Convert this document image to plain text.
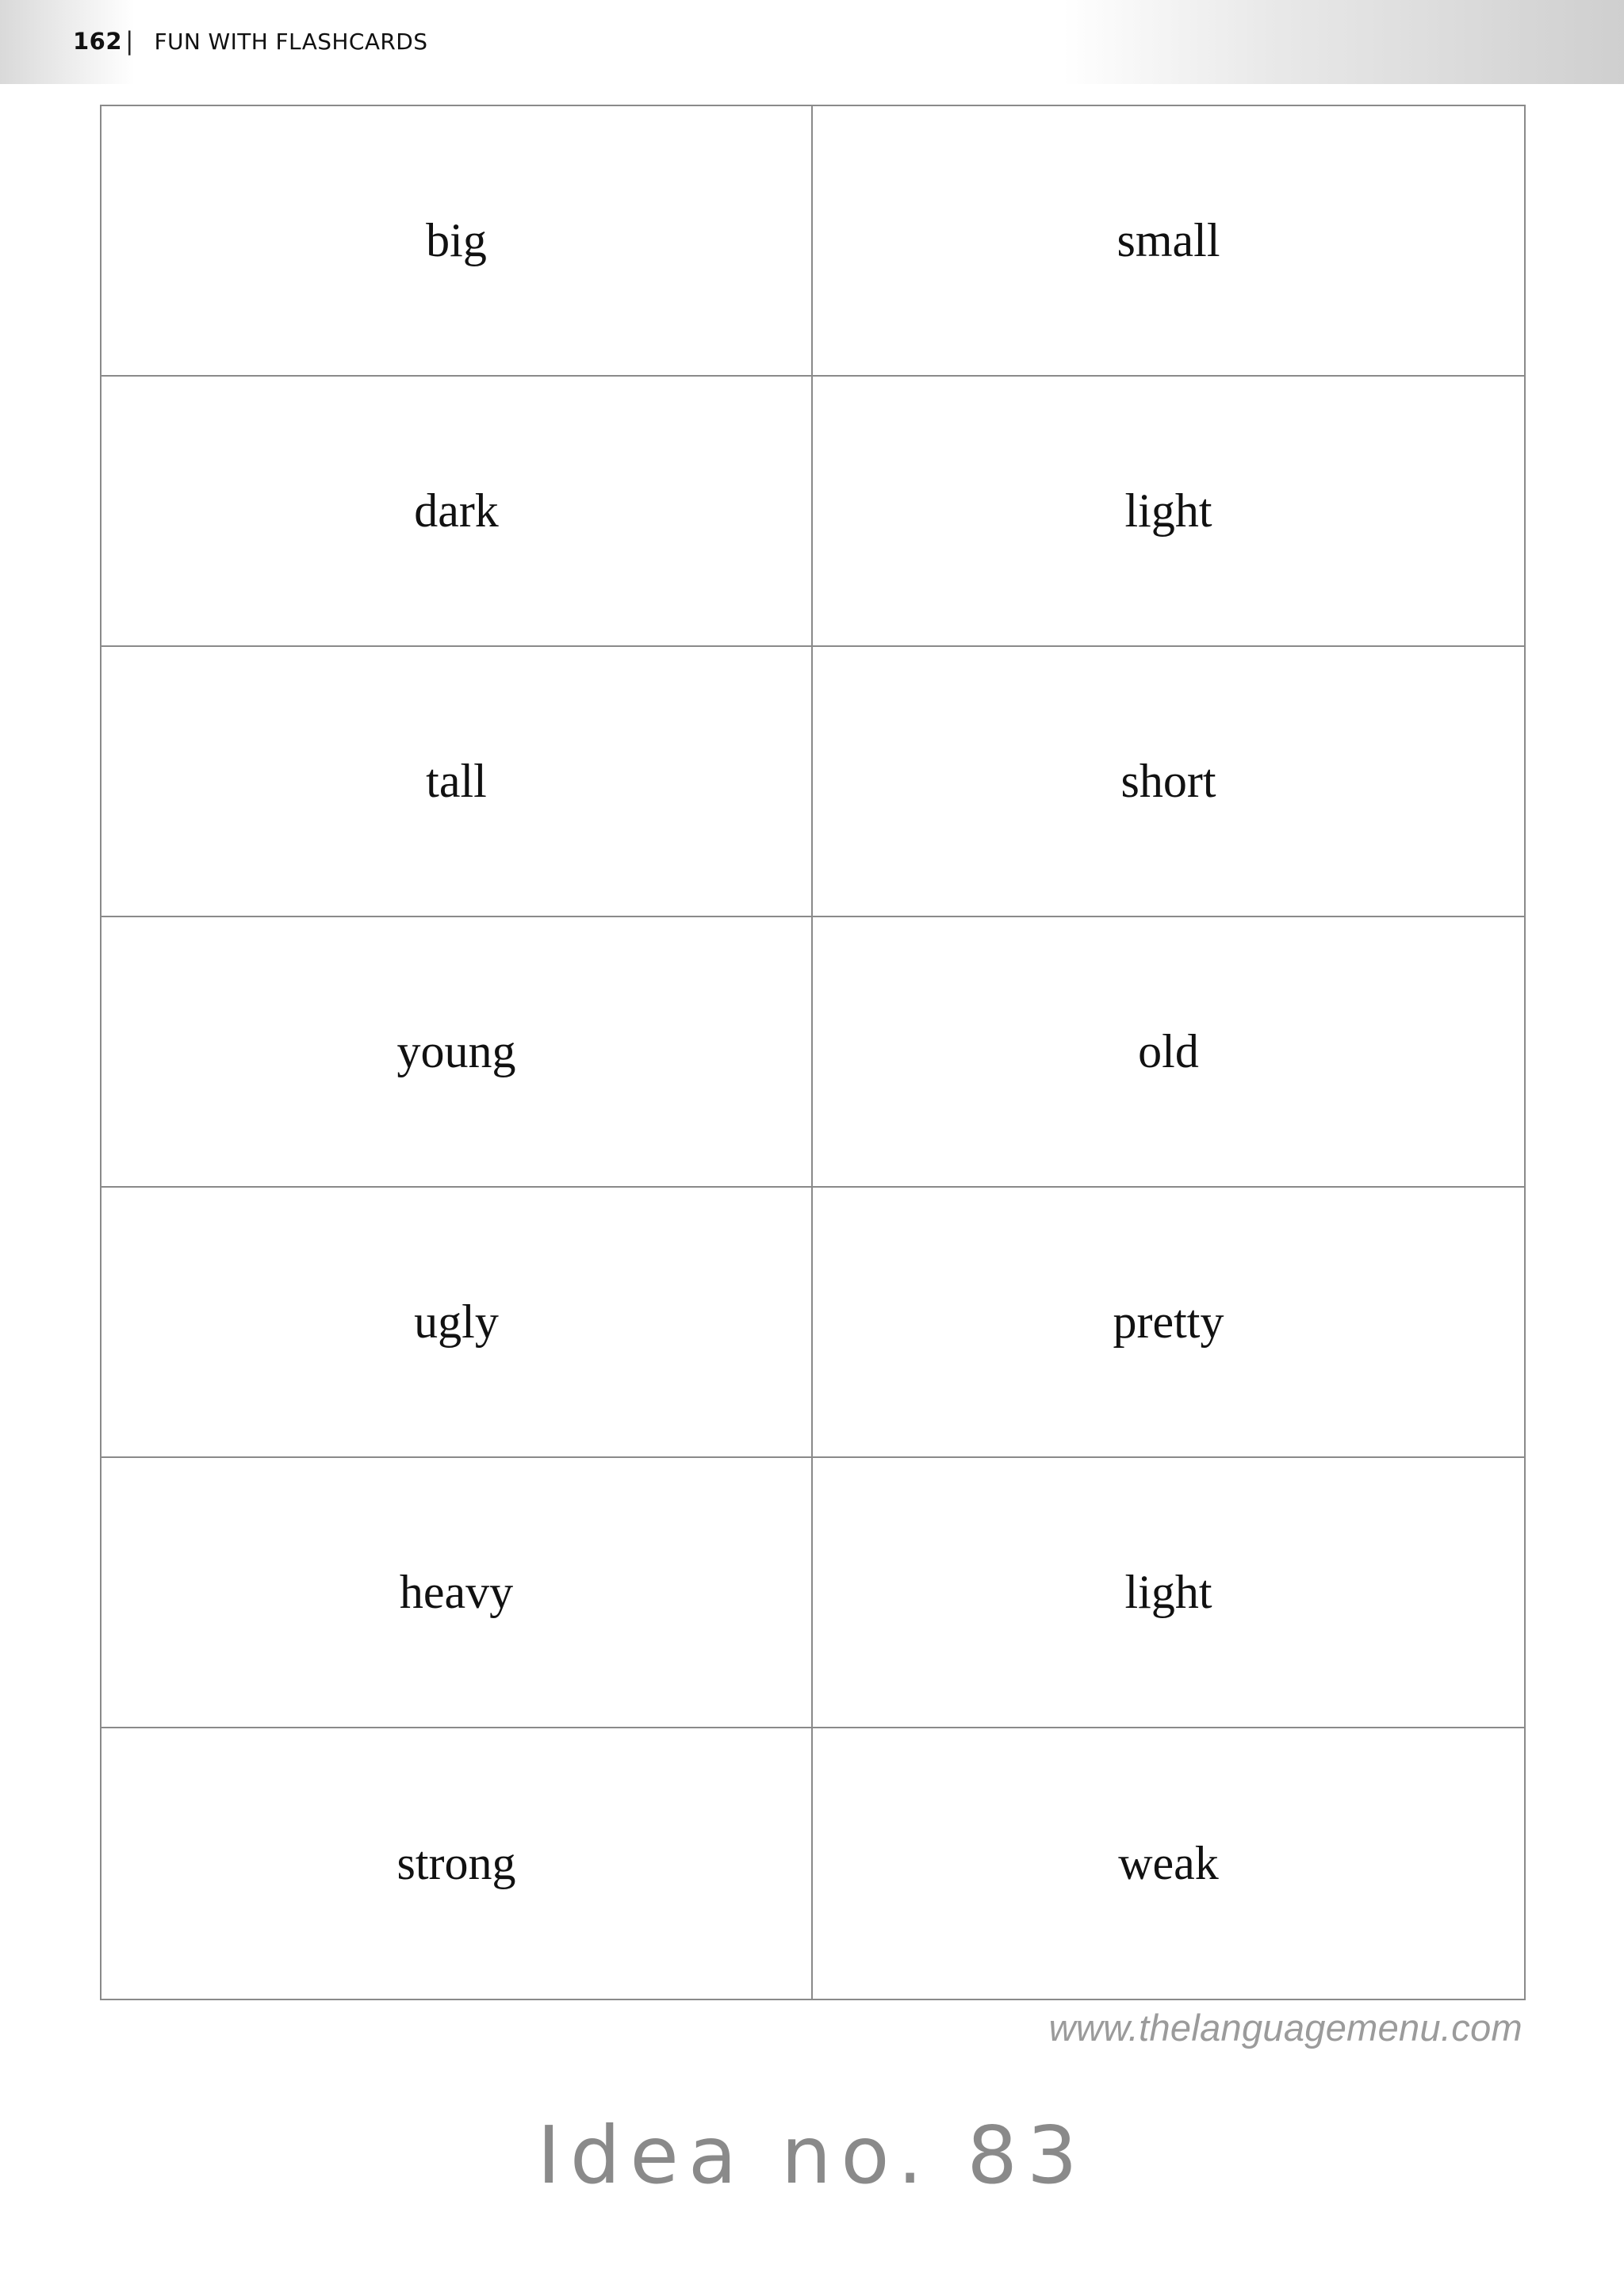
162 | FUN WITH FLASHCARDS
big	small
dark	light
tall	short
young	old
ugly	pretty
heavy	light
strong	weak
www.thelanguagemenu.com
Idea no. 83
